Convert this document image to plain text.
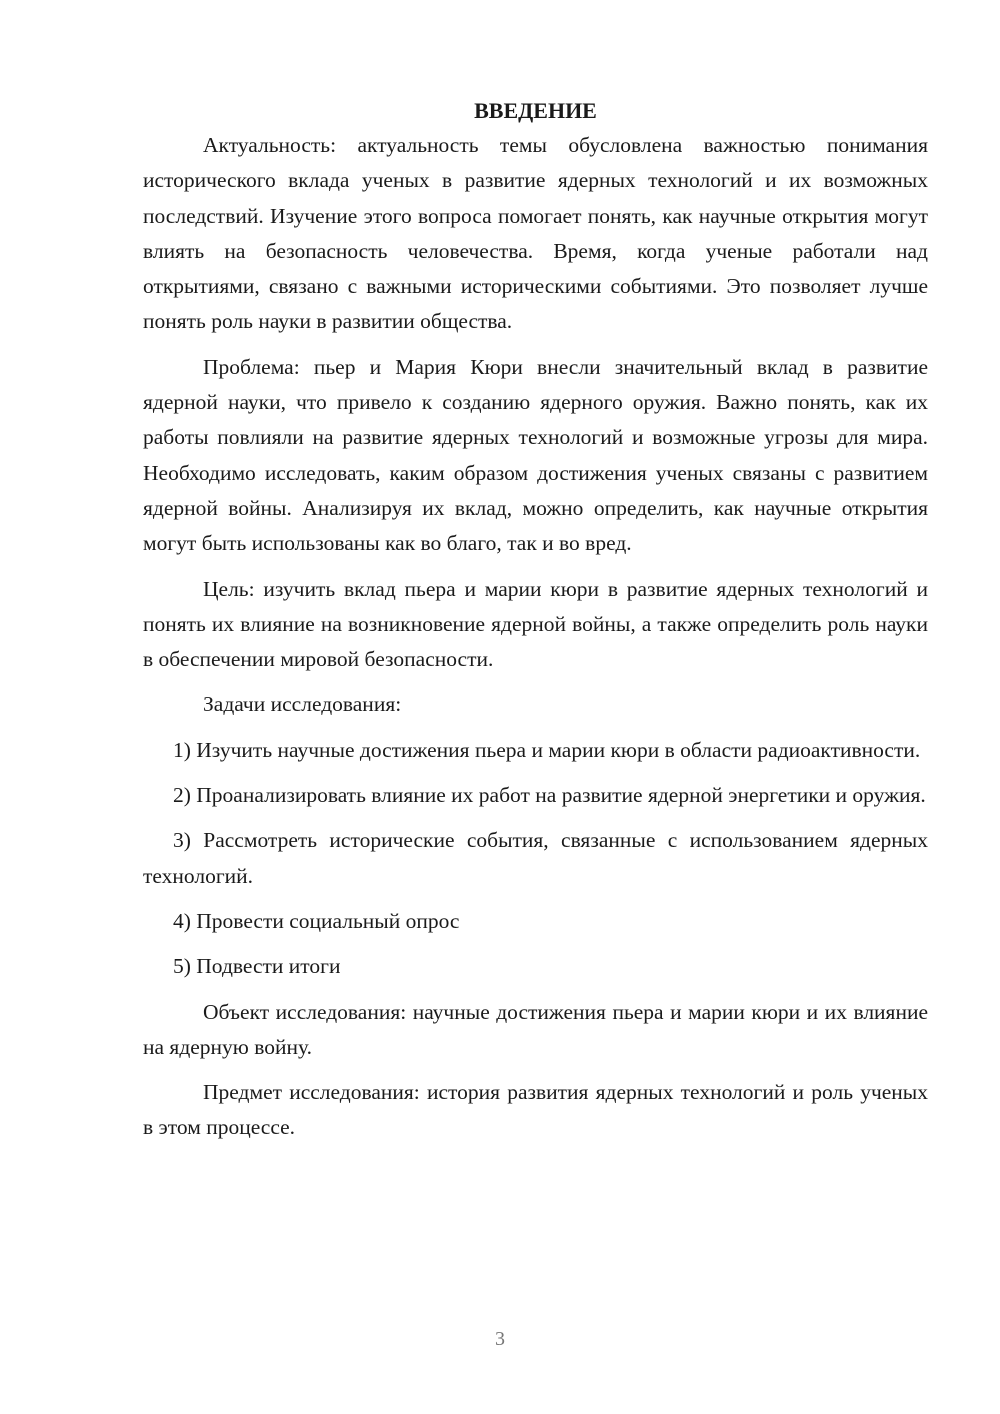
ВВЕДЕНИЕ

Актуальность: актуальность темы обусловлена важностью понимания исторического вклада ученых в развитие ядерных технологий и их возможных последствий. Изучение этого вопроса помогает понять, как научные открытия могут влиять на безопасность человечества. Время, когда ученые работали над открытиями, связано с важными историческими событиями. Это позволяет лучше понять роль науки в развитии общества.

Проблема: пьер и Мария Кюри внесли значительный вклад в развитие ядерной науки, что привело к созданию ядерного оружия. Важно понять, как их работы повлияли на развитие ядерных технологий и возможные угрозы для мира. Необходимо исследовать, каким образом достижения ученых связаны с развитием ядерной войны. Анализируя их вклад, можно определить, как научные открытия могут быть использованы как во благо, так и во вред.

Цель: изучить вклад пьера и марии кюри в развитие ядерных технологий и понять их влияние на возникновение ядерной войны, а также определить роль науки в обеспечении мировой безопасности.

Задачи исследования:

1) Изучить научные достижения пьера и марии кюри в области радиоактивности.

2) Проанализировать влияние их работ на развитие ядерной энергетики и оружия.

3) Рассмотреть исторические события, связанные с использованием ядерных технологий.

4) Провести социальный опрос

5) Подвести итоги

Объект исследования: научные достижения пьера и марии кюри и их влияние на ядерную войну.

Предмет исследования: история развития ядерных технологий и роль ученых в этом процессе.

3
